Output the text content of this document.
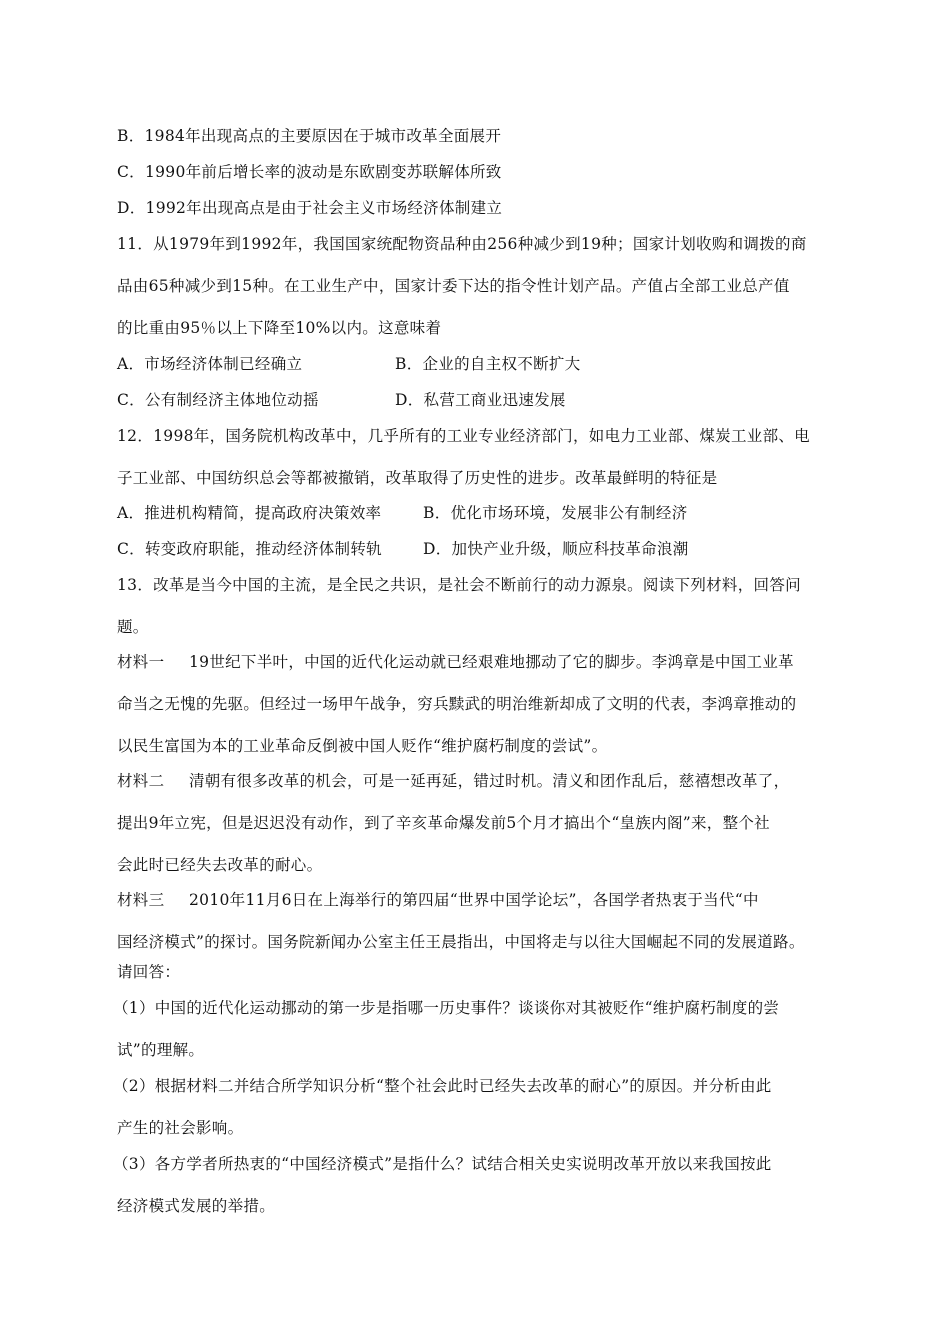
B．1984年出现高点的主要原因在于城市改革全面展开
C．1990年前后增长率的波动是东欧剧变苏联解体所致
D．1992年出现高点是由于社会主义市场经济体制建立
11．从1979年到1992年，我国国家统配物资品种由256种减少到19种；国家计划收购和调拨的商
品由65种减少到15种。在工业生产中，国家计委下达的指令性计划产品。产值占全部工业总产值
的比重由95％以上下降至10%以内。这意味着
A．市场经济体制已经确立	B．企业的自主权不断扩大
C．公有制经济主体地位动摇	D．私营工商业迅速发展
12．1998年，国务院机构改革中，几乎所有的工业专业经济部门，如电力工业部、煤炭工业部、电
子工业部、中国纺织总会等都被撤销，改革取得了历史性的进步。改革最鲜明的特征是
A．推进机构精简，提高政府决策效率	B．优化市场环境，发展非公有制经济
C．转变政府职能，推动经济体制转轨	D．加快产业升级，顺应科技革命浪潮
13．改革是当今中国的主流，是全民之共识，是社会不断前行的动力源泉。阅读下列材料，回答问
题。
材料一 19世纪下半叶，中国的近代化运动就已经艰难地挪动了它的脚步。李鸿章是中国工业革
命当之无愧的先驱。但经过一场甲午战争，穷兵黩武的明治维新却成了文明的代表，李鸿章推动的
以民生富国为本的工业革命反倒被中国人贬作“维护腐朽制度的尝试”。
材料二 清朝有很多改革的机会，可是一延再延，错过时机。清义和团作乱后，慈禧想改革了，
提出9年立宪，但是迟迟没有动作，到了辛亥革命爆发前5个月才搞出个“皇族内阁”来，整个社
会此时已经失去改革的耐心。
材料三 2010年11月6日在上海举行的第四届“世界中国学论坛”，各国学者热衷于当代“中
国经济模式”的探讨。国务院新闻办公室主任王晨指出，中国将走与以往大国崛起不同的发展道路。
请回答：
（1）中国的近代化运动挪动的第一步是指哪一历史事件？谈谈你对其被贬作“维护腐朽制度的尝
试”的理解。
（2）根据材料二并结合所学知识分析“整个社会此时已经失去改革的耐心”的原因。并分析由此
产生的社会影响。
（3）各方学者所热衷的“中国经济模式”是指什么？试结合相关史实说明改革开放以来我国按此
经济模式发展的举措。
